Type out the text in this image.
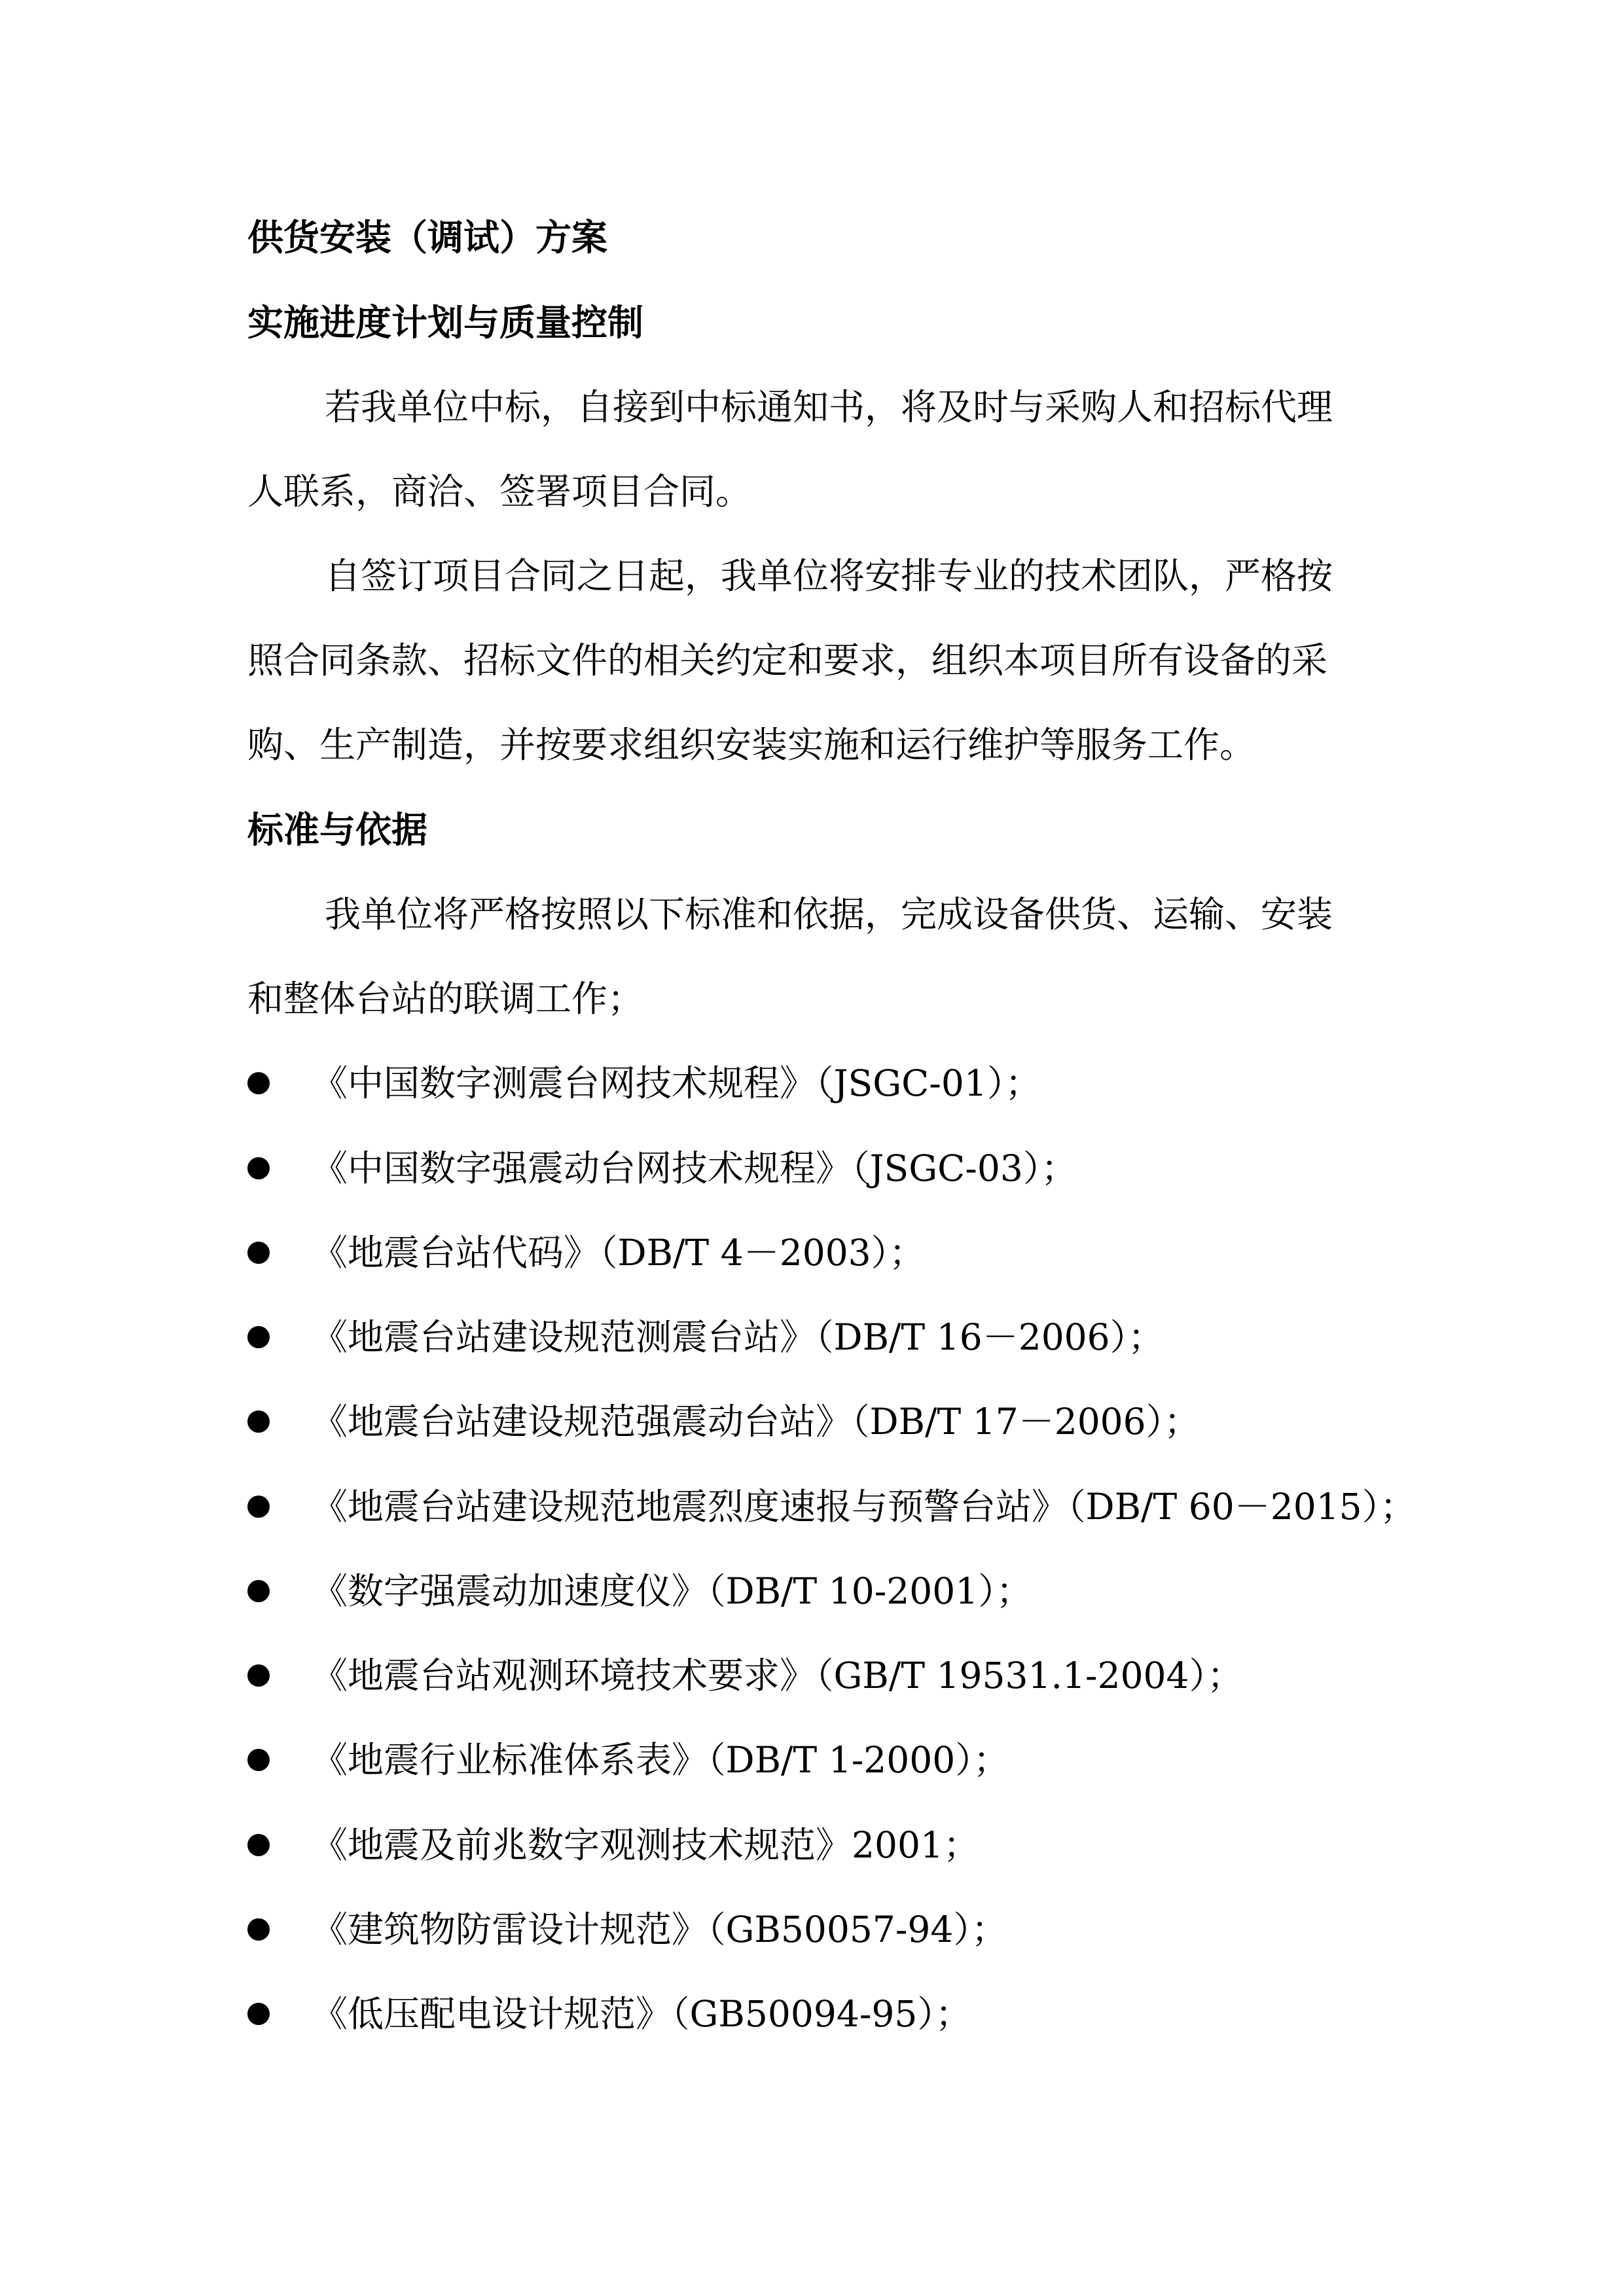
供货安装（调试）方案
实施进度计划与质量控制
若我单位中标，自接到中标通知书，将及时与采购人和招标代理
人联系，商洽、签署项目合同。
自签订项目合同之日起，我单位将安排专业的技术团队，严格按
照合同条款、招标文件的相关约定和要求，组织本项目所有设备的采
购、生产制造，并按要求组织安装实施和运行维护等服务工作。
标准与依据
我单位将严格按照以下标准和依据，完成设备供货、运输、安装
和整体台站的联调工作；
《中国数字测震台网技术规程》（JSGC-01）；
《中国数字强震动台网技术规程》（JSGC-03）；
《地震台站代码》（DB/T 4－2003）；
《地震台站建设规范测震台站》（DB/T 16－2006）；
《地震台站建设规范强震动台站》（DB/T 17－2006）；
《地震台站建设规范地震烈度速报与预警台站》（DB/T 60－2015）；
《数字强震动加速度仪》（DB/T 10-2001）；
《地震台站观测环境技术要求》（GB/T 19531.1-2004）；
《地震行业标准体系表》（DB/T 1-2000）；
《地震及前兆数字观测技术规范》2001；
《建筑物防雷设计规范》（GB50057-94）；
《低压配电设计规范》（GB50094-95）；
